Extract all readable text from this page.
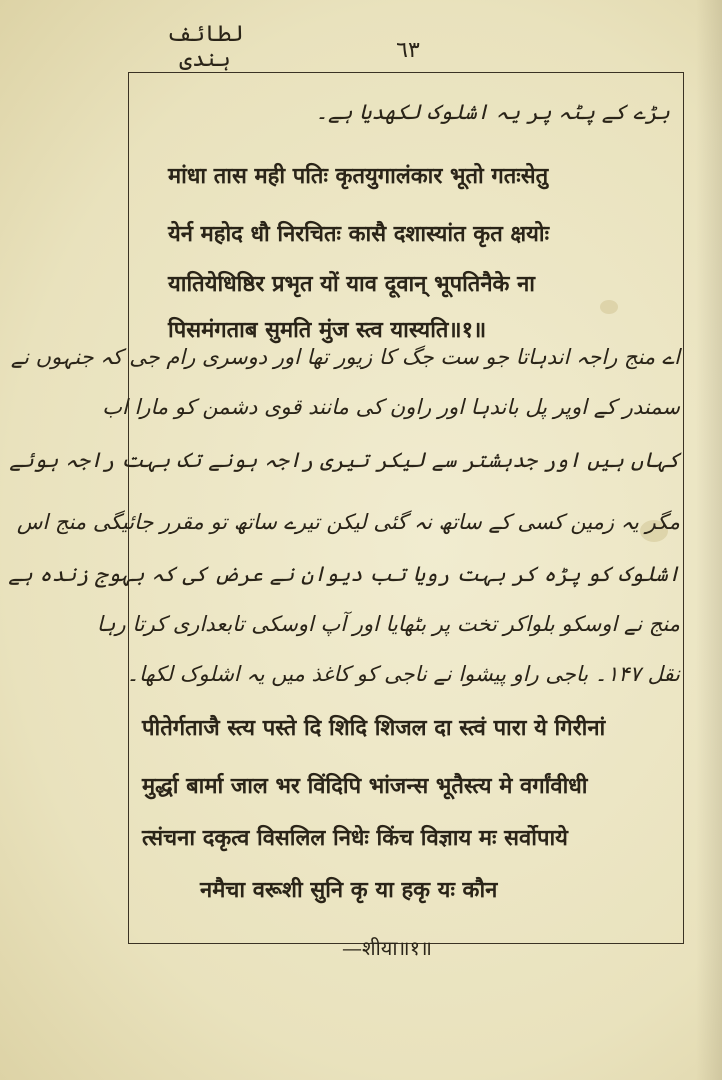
لطائف ہندی	٦٣
بڑے کے پٹہ پر یہ اشلوک لکھدیا ہے۔
मांधा तास मही पतिः कृतयुगालंकार भूतो गतःसेतु
येर्न महोद धौ निरचितः कासै दशास्यांत कृत क्षयोः
यातियेधिष्ठिर प्रभृत यों याव दूवान् भूपतिनैके ना
पिसमंगताब सुमति मुंज स्त्व यास्यति॥१॥
اے منج راجہ اندہاتا جو ست جگ کا زیور تھا اور دوسری رام جی کہ جنہوں نے
سمندر کے اوپر پل باندہا اور راون کی مانند قوی دشمن کو مارا اب
کہاں ہیں اور جدہشتر سے لیکر تیری راجہ ہونے تک بہت راجہ ہوئے
مگر یہ زمین کسی کے ساتھ نہ گئی لیکن تیرے ساتھ تو مقرر جائیگی منج اس
اشلوک کو پڑہ کر بہت رویا تب دیوان نے عرض کی کہ بہوج زندہ ہے
منج نے اوسکو بلواکر تخت پر بٹھایا اور آپ اوسکی تابعداری کرتا رہا
نقل ۱۴۷۔ باجی راو پیشوا نے ناجی کو کاغذ میں یہ اشلوک لکھا۔
पीतेर्गताजै स्त्य पस्ते दि शिदि शिजल दा स्त्वं पारा ये गिरीनां
मुर्द्धा बार्मा जाल भर विंदिपि भांजन्स भूतैस्त्य मे वर्गांवीधी
त्संचना दकृत्व विसलिल निधेः किंच विज्ञाय मः सर्वोपाये
नमैचा वरूशी सुनि कृ या हकृ यः कौन
—शीया॥१॥
